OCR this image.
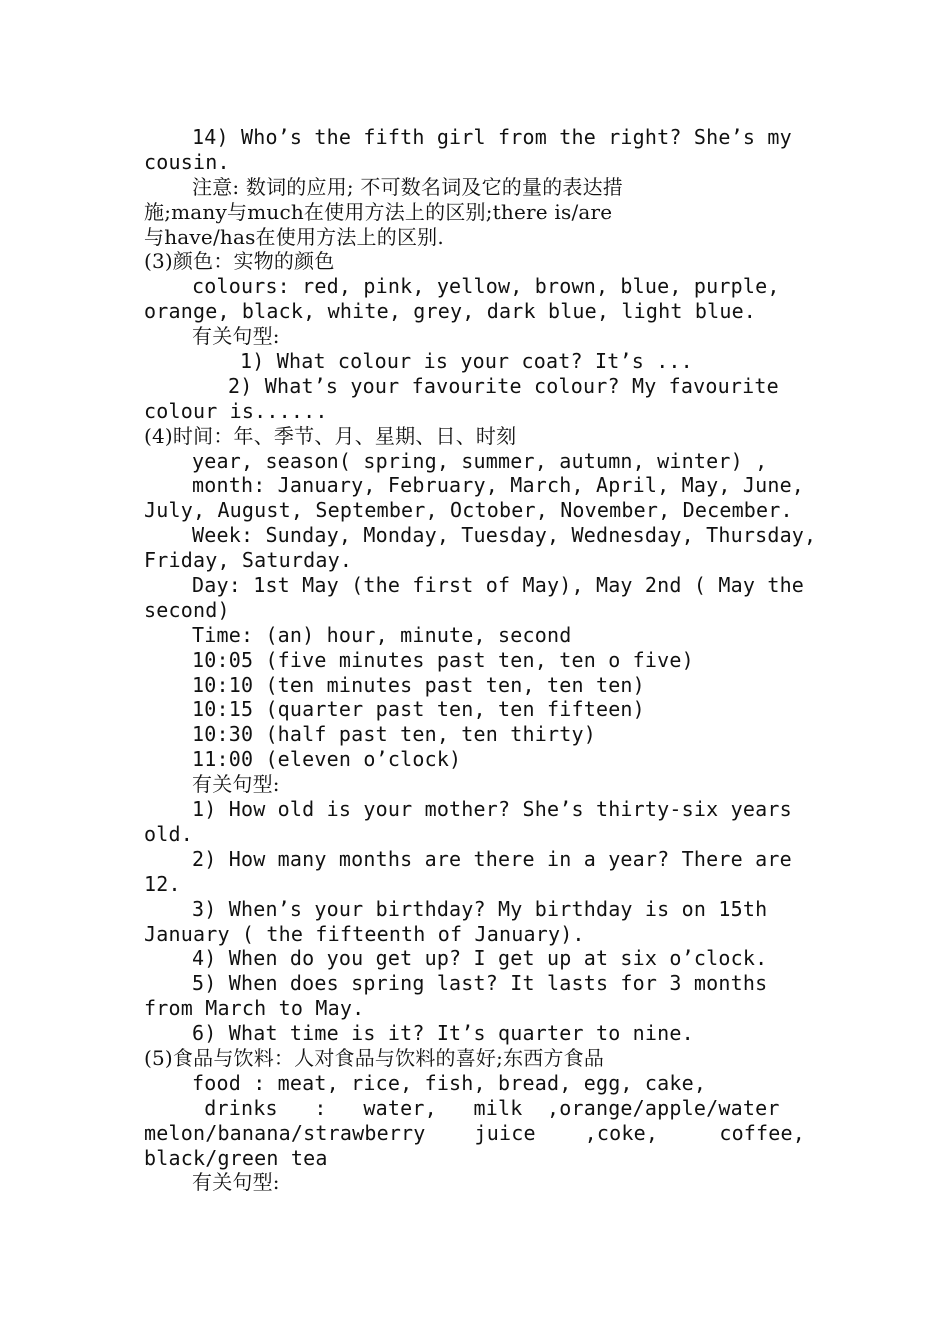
14) Who’s the fifth girl from the right? She’s my
cousin.
注意: 数词的应用; 不可数名词及它的量的表达措
施;many与much在使用方法上的区别;there is/are
与have/has在使用方法上的区别.
(3)颜色：实物的颜色
colours: red, pink, yellow, brown, blue, purple,
orange, black, white, grey, dark blue, light blue.
有关句型:
1) What colour is your coat? It’s ...
2) What’s your favourite colour? My favourite
colour is......
(4)时间：年、季节、月、星期、日、时刻
year, season( spring, summer, autumn, winter) ,
month: January, February, March, April, May, June,
July, August, September, October, November, December.
Week: Sunday, Monday, Tuesday, Wednesday, Thursday,
Friday, Saturday.
Day: 1st May (the first of May), May 2nd ( May the
second)
Time: (an) hour, minute, second
10:05 (five minutes past ten, ten o five)
10:10 (ten minutes past ten, ten ten)
10:15 (quarter past ten, ten fifteen)
10:30 (half past ten, ten thirty)
11:00 (eleven o’clock)
有关句型:
1) How old is your mother? She’s thirty-six years
old.
2) How many months are there in a year? There are
12.
3) When’s your birthday? My birthday is on 15th
January ( the fifteenth of January).
4) When do you get up? I get up at six o’clock.
5) When does spring last? It lasts for 3 months
from March to May.
6) What time is it? It’s quarter to nine.
(5)食品与饮料：人对食品与饮料的喜好;东西方食品
food : meat, rice, fish, bread, egg, cake,
drinks   :   water,   milk  ,orange/apple/water
melon/banana/strawberry    juice    ,coke,     coffee,
black/green tea
有关句型:
